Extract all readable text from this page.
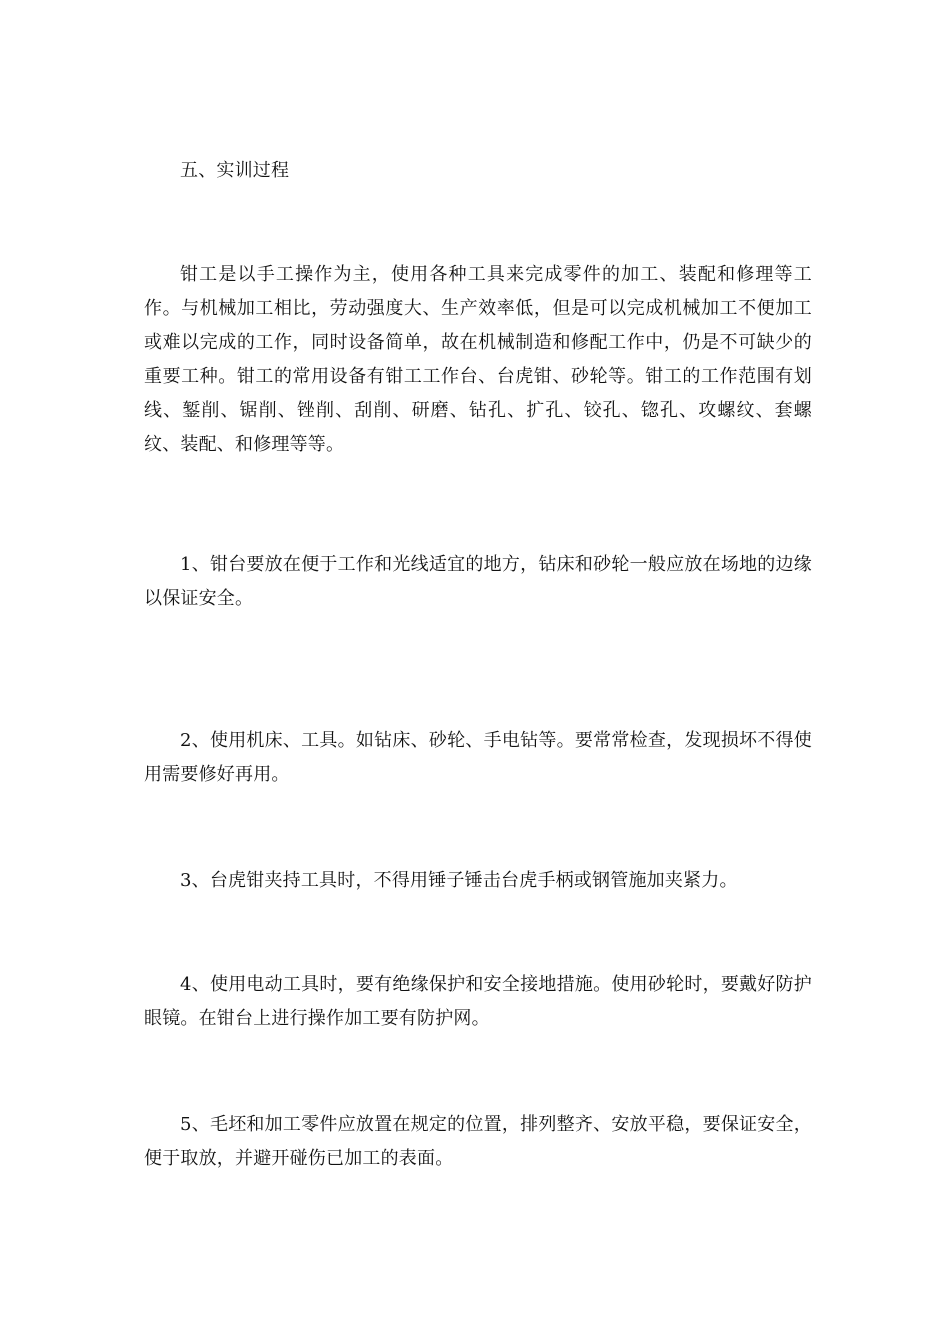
五、实训过程

钳工是以手工操作为主，使用各种工具来完成零件的加工、装配和修理等工作。与机械加工相比，劳动强度大、生产效率低，但是可以完成机械加工不便加工或难以完成的工作，同时设备简单，故在机械制造和修配工作中，仍是不可缺少的重要工种。钳工的常用设备有钳工工作台、台虎钳、砂轮等。钳工的工作范围有划线、錾削、锯削、锉削、刮削、研磨、钻孔、扩孔、铰孔、锪孔、攻螺纹、套螺纹、装配、和修理等等。

1、钳台要放在便于工作和光线适宜的地方，钻床和砂轮一般应放在场地的边缘以保证安全。

2、使用机床、工具。如钻床、砂轮、手电钻等。要常常检查，发现损坏不得使用需要修好再用。

3、台虎钳夹持工具时，不得用锤子锤击台虎手柄或钢管施加夹紧力。

4、使用电动工具时，要有绝缘保护和安全接地措施。使用砂轮时，要戴好防护眼镜。在钳台上进行操作加工要有防护网。

5、毛坯和加工零件应放置在规定的位置，排列整齐、安放平稳，要保证安全，便于取放，并避开碰伤已加工的表面。
